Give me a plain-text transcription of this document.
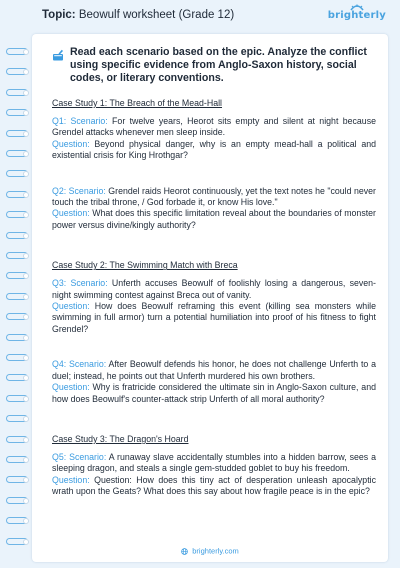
Topic: Beowulf worksheet (Grade 12)	brighterly
Read each scenario based on the epic. Analyze the conflict using specific evidence from Anglo-Saxon history, social codes, or literary conventions.
Case Study 1: The Breach of the Mead-Hall
Q1: Scenario: For twelve years, Heorot sits empty and silent at night because Grendel attacks whenever men sleep inside.
Question: Beyond physical danger, why is an empty mead-hall a political and existential crisis for King Hrothgar?
Q2: Scenario: Grendel raids Heorot continuously, yet the text notes he "could never touch the tribal throne, / God forbade it, or know His love."
Question: What does this specific limitation reveal about the boundaries of monster power versus divine/kingly authority?
Case Study 2: The Swimming Match with Breca
Q3: Scenario: Unferth accuses Beowulf of foolishly losing a dangerous, seven-night swimming contest against Breca out of vanity.
Question: How does Beowulf reframing this event (killing sea monsters while swimming in full armor) turn a potential humiliation into proof of his fitness to fight Grendel?
Q4: Scenario: After Beowulf defends his honor, he does not challenge Unferth to a duel; instead, he points out that Unferth murdered his own brothers.
Question: Why is fratricide considered the ultimate sin in Anglo-Saxon culture, and how does Beowulf's counter-attack strip Unferth of all moral authority?
Case Study 3: The Dragon's Hoard
Q5: Scenario: A runaway slave accidentally stumbles into a hidden barrow, sees a sleeping dragon, and steals a single gem-studded goblet to buy his freedom.
Question: Question: How does this tiny act of desperation unleash apocalyptic wrath upon the Geats? What does this say about how fragile peace is in the epic?
brighterly.com
